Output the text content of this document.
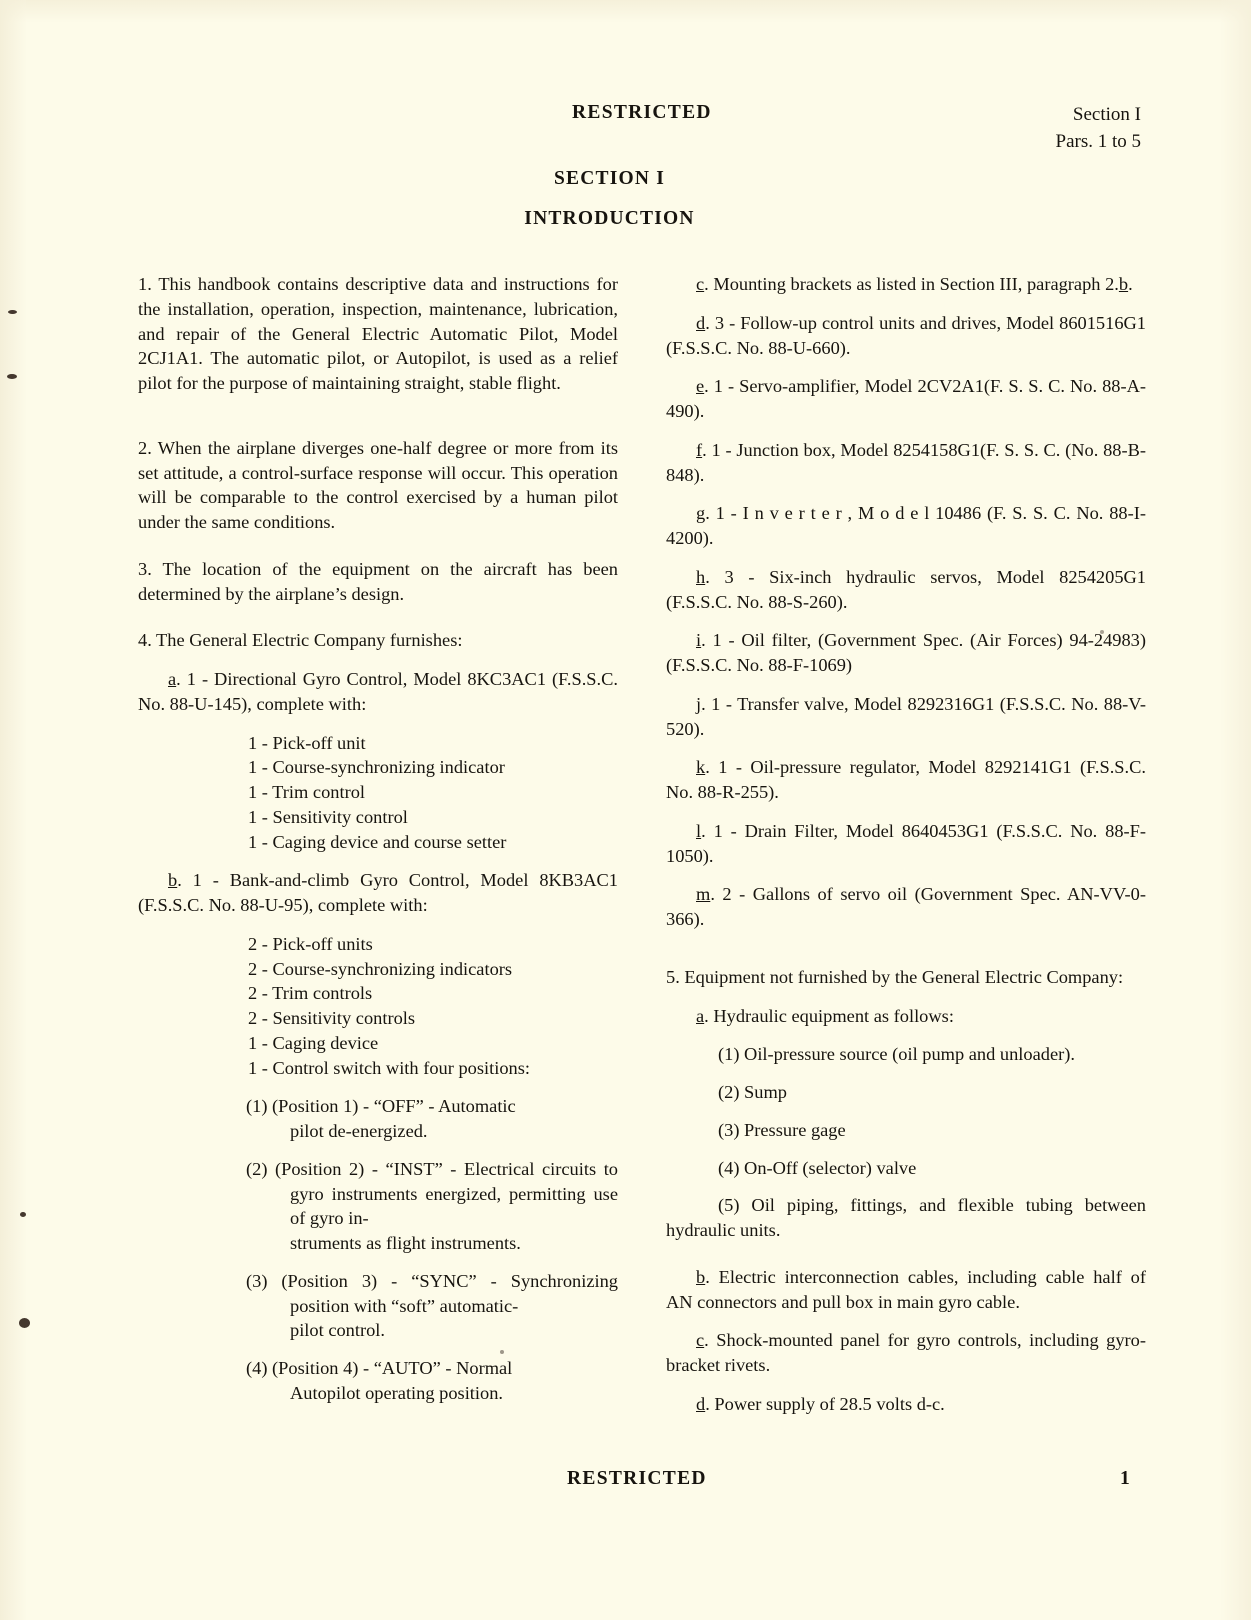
RESTRICTED	Section I
Pars. 1 to 5
SECTION I
INTRODUCTION

1. This handbook contains descriptive data and instructions for the installation, operation, inspection, maintenance, lubrication, and repair of the General Electric Automatic Pilot, Model 2CJ1A1. The automatic pilot, or Autopilot, is used as a relief pilot for the purpose of maintaining straight, stable flight.

2. When the airplane diverges one-half degree or more from its set attitude, a control-surface response will occur. This operation will be comparable to the control exercised by a human pilot under the same conditions.

3. The location of the equipment on the aircraft has been determined by the airplane’s design.

4. The General Electric Company furnishes:

a. 1 - Directional Gyro Control, Model 8KC3AC1 (F.S.S.C. No. 88-U-145), complete with:

1 - Pick-off unit
1 - Course-synchronizing indicator
1 - Trim control
1 - Sensitivity control
1 - Caging device and course setter

b. 1 - Bank-and-climb Gyro Control, Model 8KB3AC1 (F.S.S.C. No. 88-U-95), complete with:

2 - Pick-off units
2 - Course-synchronizing indicators
2 - Trim controls
2 - Sensitivity controls
1 - Caging device
1 - Control switch with four positions:
(1) (Position 1) - “OFF” - Automatic
pilot de-energized.
(2) (Position 2) - “INST” - Electrical circuits to gyro instruments energized, permitting use of gyro in-
struments as flight instruments.
(3) (Position 3) - “SYNC” - Synchronizing position with “soft” automatic-
pilot control.
(4) (Position 4) - “AUTO” - Normal
Autopilot operating position.

c. Mounting brackets as listed in Section III, paragraph 2.b.

d. 3 - Follow-up control units and drives, Model 8601516G1 (F.S.S.C. No. 88-U-660).

e. 1 - Servo-amplifier, Model 2CV2A1(F. S. S. C. No. 88-A-490).

f. 1 - Junction box, Model 8254158G1(F. S. S. C. (No. 88-B-848).

g. 1 - I n v e r t e r , M o d e l 10486 (F. S. S. C. No. 88-I-4200).

h. 3 - Six-inch hydraulic servos, Model 8254205G1 (F.S.S.C. No. 88-S-260).

i. 1 - Oil filter, (Government Spec. (Air Forces) 94-24983) (F.S.S.C. No. 88-F-1069)

j. 1 - Transfer valve, Model 8292316G1 (F.S.S.C. No. 88-V-520).

k. 1 - Oil-pressure regulator, Model 8292141G1 (F.S.S.C. No. 88-R-255).

l. 1 - Drain Filter, Model 8640453G1 (F.S.S.C. No. 88-F-1050).

m. 2 - Gallons of servo oil (Government Spec. AN-VV-0-366).

5. Equipment not furnished by the General Electric Company:

a. Hydraulic equipment as follows:

(1) Oil-pressure source (oil pump and unloader).
(2) Sump
(3) Pressure gage
(4) On-Off (selector) valve
(5) Oil piping, fittings, and flexible tubing between hydraulic units.

b. Electric interconnection cables, including cable half of AN connectors and pull box in main gyro cable.

c. Shock-mounted panel for gyro controls, including gyro-bracket rivets.

d. Power supply of 28.5 volts d-c.

RESTRICTED	1
